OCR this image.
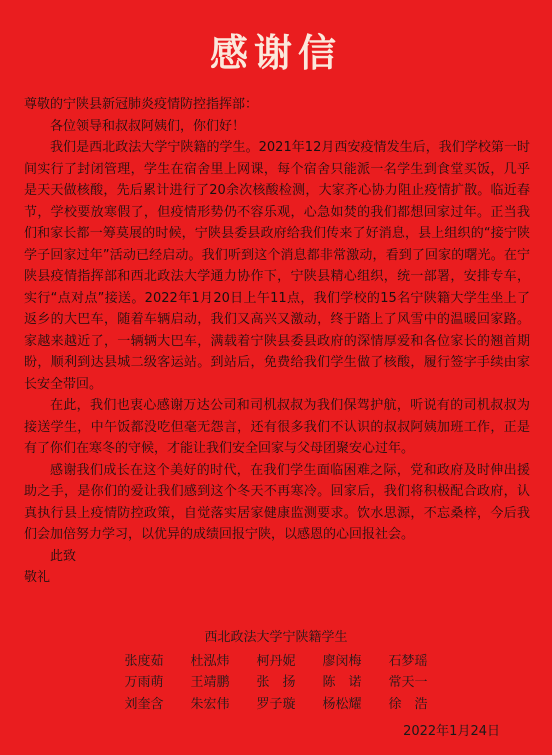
感谢信
尊敬的宁陕县新冠肺炎疫情防控指挥部：

各位领导和叔叔阿姨们，你们好！

我们是西北政法大学宁陕籍的学生。2021年12月西安疫情发生后，我们学校第一时间实行了封闭管理，学生在宿舍里上网课，每个宿舍只能派一名学生到食堂买饭，几乎是天天做核酸，先后累计进行了20余次核酸检测，大家齐心协力阻止疫情扩散。临近春节，学校要放寒假了，但疫情形势仍不容乐观，心急如焚的我们都想回家过年。正当我们和家长都一筹莫展的时候，宁陕县委县政府给我们传来了好消息，县上组织的“接宁陕学子回家过年”活动已经启动。我们听到这个消息都非常激动，看到了回家的曙光。在宁陕县疫情指挥部和西北政法大学通力协作下，宁陕县精心组织，统一部署，安排专车，实行“点对点”接送。2022年1月20日上午11点，我们学校的15名宁陕籍大学生坐上了返乡的大巴车，随着车辆启动，我们又高兴又激动，终于踏上了风雪中的温暖回家路。家越来越近了，一辆辆大巴车，满载着宁陕县委县政府的深情厚爱和各位家长的翘首期盼，顺利到达县城二级客运站。到站后，免费给我们学生做了核酸，履行签字手续由家长安全带回。

在此，我们也衷心感谢万达公司和司机叔叔为我们保驾护航，听说有的司机叔叔为接送学生，中午饭都没吃但毫无怨言，还有很多我们不认识的叔叔阿姨加班工作，正是有了你们在寒冬的守候，才能让我们安全回家与父母团聚安心过年。

感谢我们成长在这个美好的时代，在我们学生面临困难之际，党和政府及时伸出援助之手，是你们的爱让我们感到这个冬天不再寒冷。回家后，我们将积极配合政府，认真执行县上疫情防控政策，自觉落实居家健康监测要求。饮水思源，不忘桑梓，今后我们会加倍努力学习，以优异的成绩回报宁陕，以感恩的心回报社会。

此致

敬礼

西北政法大学宁陕籍学生
张度茹	杜泓炜	柯丹妮	廖闵梅	石梦瑶
万雨萌	王靖鹏	张　扬	陈　诺	常天一
刘奎含	朱宏伟	罗子璇	杨松耀	徐　浩
2022年1月24日
